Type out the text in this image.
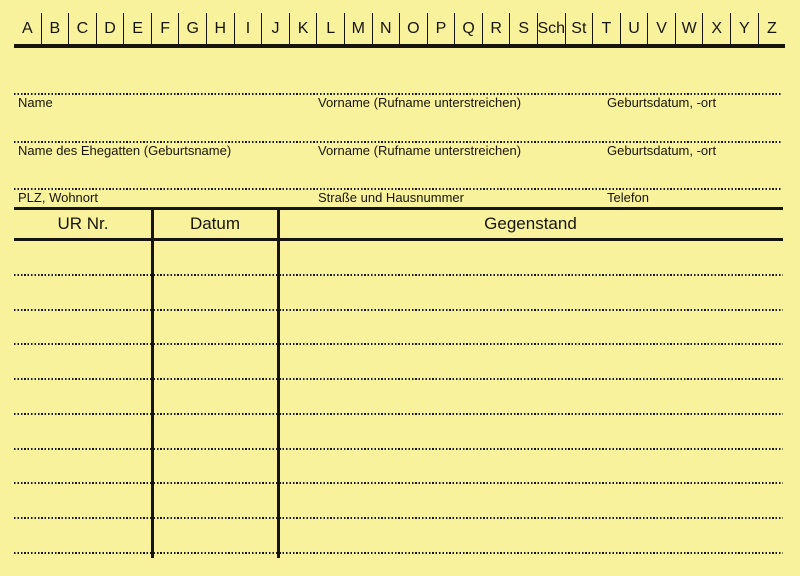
A	B	C	D	E	F	G H	I	J	K	L	M N O	P	Q R	S Sch St T	U	V W X	Y	Z
Name	Vorname (Rufname unterstreichen)	Geburtsdatum, -ort
Name des Ehegatten (Geburtsname)	Vorname (Rufname unterstreichen)	Geburtsdatum, -ort
PLZ, Wohnort	Straße und Hausnummer	Telefon
UR Nr.	Datum	Gegenstand
